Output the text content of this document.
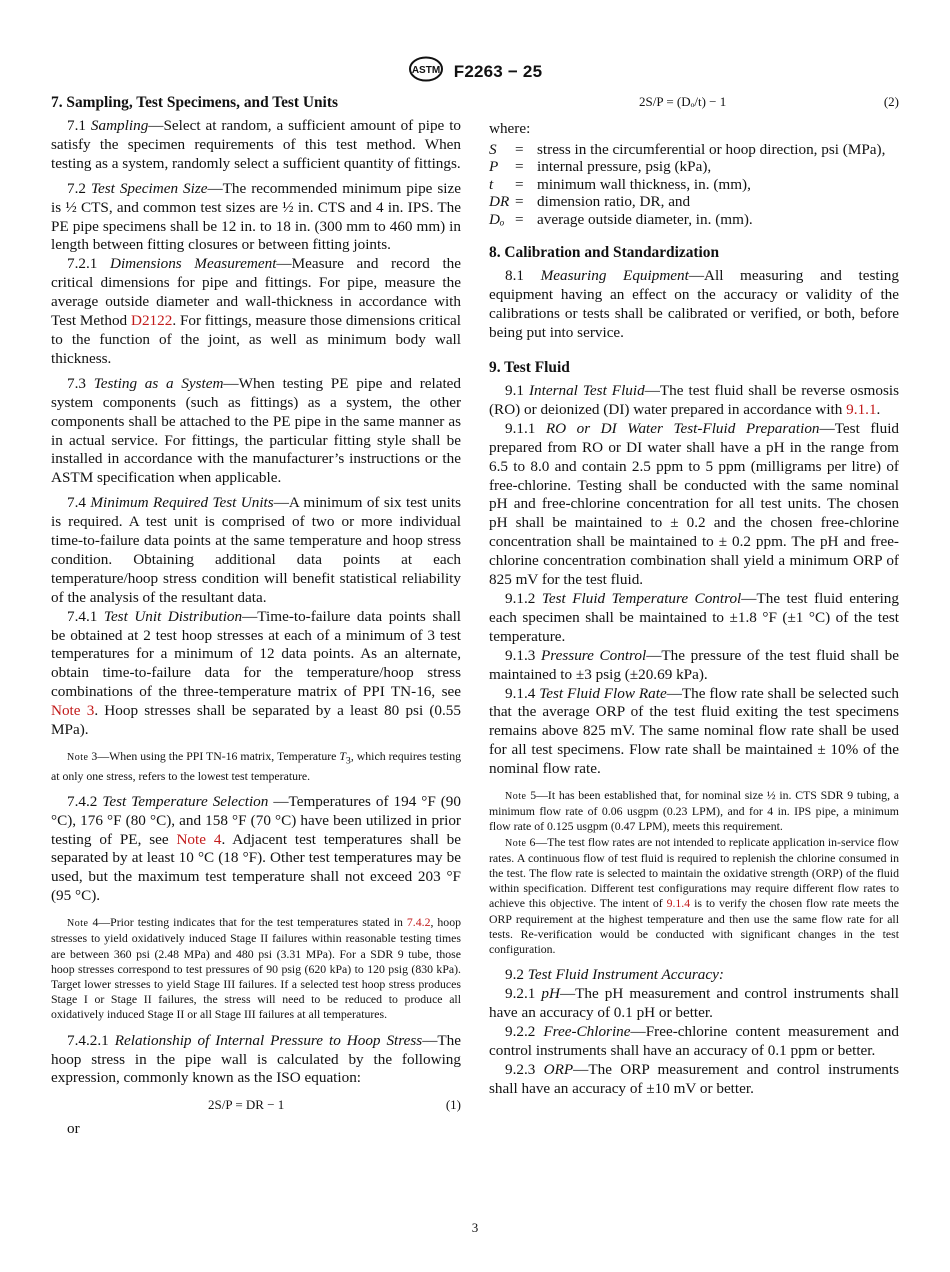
ASTM F2263 − 25
7. Sampling, Test Specimens, and Test Units

7.1 Sampling—Select at random, a sufficient amount of pipe to satisfy the specimen requirements of this test method. When testing as a system, randomly select a sufficient quantity of fittings.

7.2 Test Specimen Size—The recommended minimum pipe size is ½ CTS, and common test sizes are ½ in. CTS and 4 in. IPS. The PE pipe specimens shall be 12 in. to 18 in. (300 mm to 460 mm) in length between fitting closures or between fitting joints.

7.2.1 Dimensions Measurement—Measure and record the critical dimensions for pipe and fittings. For pipe, measure the average outside diameter and wall-thickness in accordance with Test Method D2122. For fittings, measure those dimensions critical to the function of the joint, as well as minimum body wall thickness.

7.3 Testing as a System—When testing PE pipe and related system components (such as fittings) as a system, the other components shall be attached to the PE pipe in the same manner as in actual service. For fittings, the particular fitting style shall be installed in accordance with the manufacturer’s instructions or the ASTM specification when applicable.

7.4 Minimum Required Test Units—A minimum of six test units is required. A test unit is comprised of two or more individual time-to-failure data points at the same temperature and hoop stress condition. Obtaining additional data points at each temperature/hoop stress condition will benefit statistical reliability of the analysis of the resultant data.

7.4.1 Test Unit Distribution—Time-to-failure data points shall be obtained at 2 test hoop stresses at each of a minimum of 3 test temperatures for a minimum of 12 data points. As an alternate, obtain time-to-failure data for the temperature/hoop stress combinations of the three-temperature matrix of PPI TN-16, see Note 3. Hoop stresses shall be separated by a least 80 psi (0.55 MPa).

Note 3—When using the PPI TN-16 matrix, Temperature $T_3$, which requires testing at only one stress, refers to the lowest test temperature.

7.4.2 Test Temperature Selection —Temperatures of 194 °F (90 °C), 176 °F (80 °C), and 158 °F (70 °C) have been utilized in prior testing of PE, see Note 4. Adjacent test temperatures shall be separated by at least 10 °C (18 °F). Other test temperatures may be used, but the maximum test temperature shall not exceed 203 °F (95 °C).

Note 4—Prior testing indicates that for the test temperatures stated in 7.4.2, hoop stresses to yield oxidatively induced Stage II failures within reasonable testing times are between 360 psi (2.48 MPa) and 480 psi (3.31 MPa). For a SDR 9 tube, those hoop stresses correspond to test pressures of 90 psig (620 kPa) to 120 psig (830 kPa). Target lower stresses to yield Stage III failures. If a selected test hoop stress produces Stage I or Stage II failures, the stress will need to be reduced to produce all oxidatively induced Stage II or all Stage III failures at all temperatures.

7.4.2.1 Relationship of Internal Pressure to Hoop Stress—The hoop stress in the pipe wall is calculated by the following expression, commonly known as the ISO equation:

2S/P = DR − 1	(1)

or

2S/P = (Dₒ/t) − 1	(2)

where:

S	= stress in the circumferential or hoop direction, psi (MPa),
P	= internal pressure, psig (kPa),
t	= minimum wall thickness, in. (mm),
DR = dimension ratio, DR, and
Dₒ = average outside diameter, in. (mm).
8. Calibration and Standardization

8.1 Measuring Equipment—All measuring and testing equipment having an effect on the accuracy or validity of the calibrations or tests shall be calibrated or verified, or both, before being put into service.

9. Test Fluid

9.1 Internal Test Fluid—The test fluid shall be reverse osmosis (RO) or deionized (DI) water prepared in accordance with 9.1.1.

9.1.1 RO or DI Water Test-Fluid Preparation—Test fluid prepared from RO or DI water shall have a pH in the range from 6.5 to 8.0 and contain 2.5 ppm to 5 ppm (milligrams per litre) of free-chlorine. Testing shall be conducted with the same nominal pH and free-chlorine concentration for all test units. The chosen pH shall be maintained to ± 0.2 and the chosen free-chlorine concentration shall be maintained to ± 0.2 ppm. The pH and free-chlorine concentration combination shall yield a minimum ORP of 825 mV for the test fluid.

9.1.2 Test Fluid Temperature Control—The test fluid entering each specimen shall be maintained to ±1.8 °F (±1 °C) of the test temperature.

9.1.3 Pressure Control—The pressure of the test fluid shall be maintained to ±3 psig (±20.69 kPa).

9.1.4 Test Fluid Flow Rate—The flow rate shall be selected such that the average ORP of the test fluid exiting the test specimens remains above 825 mV. The same nominal flow rate shall be used for all test specimens. Flow rate shall be maintained ± 10% of the nominal flow rate.

Note 5—It has been established that, for nominal size ½ in. CTS SDR 9 tubing, a minimum flow rate of 0.06 usgpm (0.23 LPM), and for 4 in. IPS pipe, a minimum flow rate of 0.125 usgpm (0.47 LPM), meets this requirement.

Note 6—The test flow rates are not intended to replicate application in-service flow rates. A continuous flow of test fluid is required to replenish the chlorine consumed in the test. The flow rate is selected to maintain the oxidative strength (ORP) of the fluid within specification. Different test configurations may require different flow rates to achieve this objective. The intent of 9.1.4 is to verify the chosen flow rate meets the ORP requirement at the highest temperature and then use the same flow rate for all tests. Re-verification would be conducted with significant changes in the test configuration.

9.2 Test Fluid Instrument Accuracy:

9.2.1 pH—The pH measurement and control instruments shall have an accuracy of 0.1 pH or better.

9.2.2 Free-Chlorine—Free-chlorine content measurement and control instruments shall have an accuracy of 0.1 ppm or better.

9.2.3 ORP—The ORP measurement and control instruments shall have an accuracy of ±10 mV or better.

3
